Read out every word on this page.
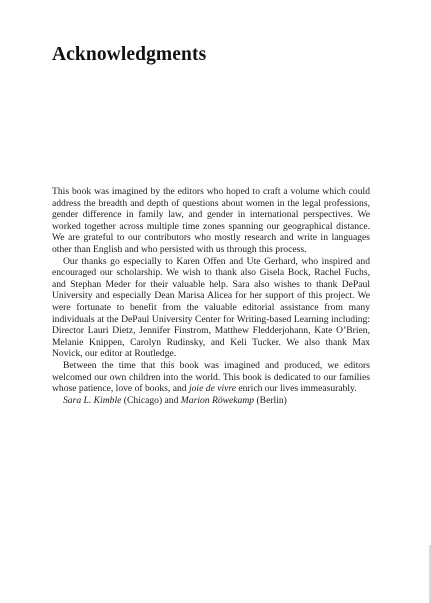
Acknowledgments

This book was imagined by the editors who hoped to craft a volume which could address the breadth and depth of questions about women in the legal professions, gender difference in family law, and gender in international perspectives. We worked together across multiple time zones spanning our geographical distance. We are grateful to our contributors who mostly research and write in languages other than English and who persisted with us through this process.

Our thanks go especially to Karen Offen and Ute Gerhard, who inspired and encouraged our scholarship. We wish to thank also Gisela Bock, Rachel Fuchs, and Stephan Meder for their valuable help. Sara also wishes to thank DePaul University and especially Dean Marisa Alicea for her support of this project. We were fortunate to benefit from the valuable editorial assistance from many individuals at the DePaul University Center for Writing-based Learning including: Director Lauri Dietz, Jennifer Finstrom, Matthew Fledderjohann, Kate O’Brien, Melanie Knippen, Carolyn Rudinsky, and Keli Tucker. We also thank Max Novick, our editor at Routledge.

Between the time that this book was imagined and produced, we editors welcomed our own children into the world. This book is dedicated to our families whose patience, love of books, and joie de vivre enrich our lives immeasurably.

Sara L. Kimble (Chicago) and Marion Röwekamp (Berlin)
